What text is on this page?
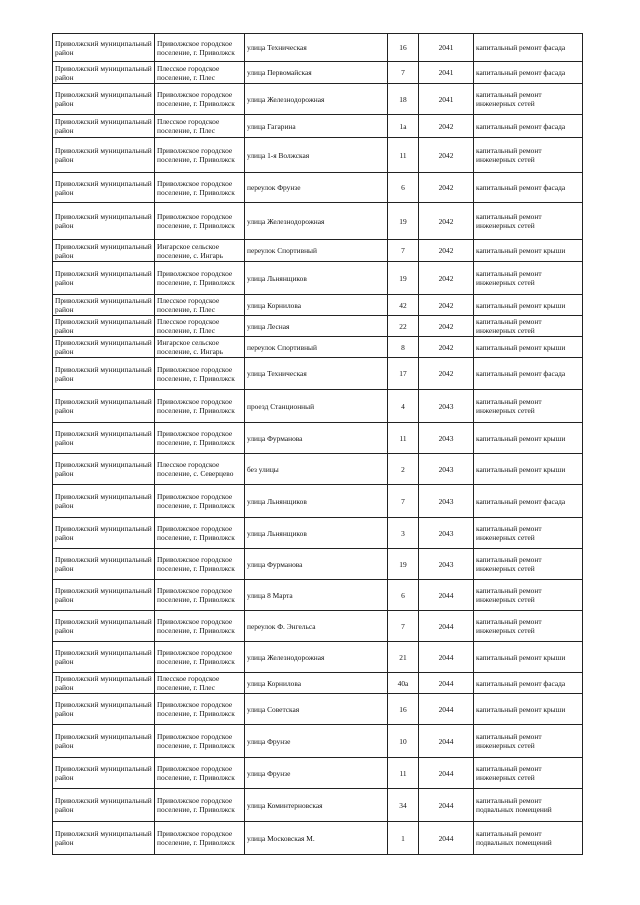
Приволжский муниципальный район	Приволжское городское поселение, г. Приволжск	улица Техническая	16	2041	капитальный ремонт фасада
Приволжский муниципальный район	Плесское городское поселение, г. Плес	улица Первомайская	7	2041	капитальный ремонт фасада
Приволжский муниципальный район	Приволжское городское поселение, г. Приволжск	улица Железнодорожная	18	2041	капитальный ремонт инженерных сетей
Приволжский муниципальный район	Плесское городское поселение, г. Плес	улица Гагарина	1а	2042	капитальный ремонт фасада
Приволжский муниципальный район	Приволжское городское поселение, г. Приволжск	улица 1-я Волжская	11	2042	капитальный ремонт инженерных сетей
Приволжский муниципальный район	Приволжское городское поселение, г. Приволжск	переулок Фрунзе	6	2042	капитальный ремонт фасада
Приволжский муниципальный район	Приволжское городское поселение, г. Приволжск	улица Железнодорожная	19	2042	капитальный ремонт инженерных сетей
Приволжский муниципальный район	Ингарское сельское поселение, с. Ингарь	переулок Спортивный	7	2042	капитальный ремонт крыши
Приволжский муниципальный район	Приволжское городское поселение, г. Приволжск	улица Льнянщиков	19	2042	капитальный ремонт инженерных сетей
Приволжский муниципальный район	Плесское городское поселение, г. Плес	улица Корнилова	42	2042	капитальный ремонт крыши
Приволжский муниципальный район	Плесское городское поселение, г. Плес	улица Лесная	22	2042	капитальный ремонт инженерных сетей
Приволжский муниципальный район	Ингарское сельское поселение, с. Ингарь	переулок Спортивный	8	2042	капитальный ремонт крыши
Приволжский муниципальный район	Приволжское городское поселение, г. Приволжск	улица Техническая	17	2042	капитальный ремонт фасада
Приволжский муниципальный район	Приволжское городское поселение, г. Приволжск	проезд Станционный	4	2043	капитальный ремонт инженерных сетей
Приволжский муниципальный район	Приволжское городское поселение, г. Приволжск	улица Фурманова	11	2043	капитальный ремонт крыши
Приволжский муниципальный район	Плесское городское поселение, с. Северцево	без улицы	2	2043	капитальный ремонт крыши
Приволжский муниципальный район	Приволжское городское поселение, г. Приволжск	улица Льнянщиков	7	2043	капитальный ремонт фасада
Приволжский муниципальный район	Приволжское городское поселение, г. Приволжск	улица Льнянщиков	3	2043	капитальный ремонт инженерных сетей
Приволжский муниципальный район	Приволжское городское поселение, г. Приволжск	улица Фурманова	19	2043	капитальный ремонт инженерных сетей
Приволжский муниципальный район	Приволжское городское поселение, г. Приволжск	улица 8 Марта	6	2044	капитальный ремонт инженерных сетей
Приволжский муниципальный район	Приволжское городское поселение, г. Приволжск	переулок Ф. Энгельса	7	2044	капитальный ремонт инженерных сетей
Приволжский муниципальный район	Приволжское городское поселение, г. Приволжск	улица Железнодорожная	21	2044	капитальный ремонт крыши
Приволжский муниципальный район	Плесское городское поселение, г. Плес	улица Корнилова	40а	2044	капитальный ремонт фасада
Приволжский муниципальный район	Приволжское городское поселение, г. Приволжск	улица Советская	16	2044	капитальный ремонт крыши
Приволжский муниципальный район	Приволжское городское поселение, г. Приволжск	улица Фрунзе	10	2044	капитальный ремонт инженерных сетей
Приволжский муниципальный район	Приволжское городское поселение, г. Приволжск	улица Фрунзе	11	2044	капитальный ремонт инженерных сетей
Приволжский муниципальный район	Приволжское городское поселение, г. Приволжск	улица Коминтерновская	34	2044	капитальный ремонт подвальных помещений
Приволжский муниципальный район	Приволжское городское поселение, г. Приволжск	улица Московская М.	1	2044	капитальный ремонт подвальных помещений
